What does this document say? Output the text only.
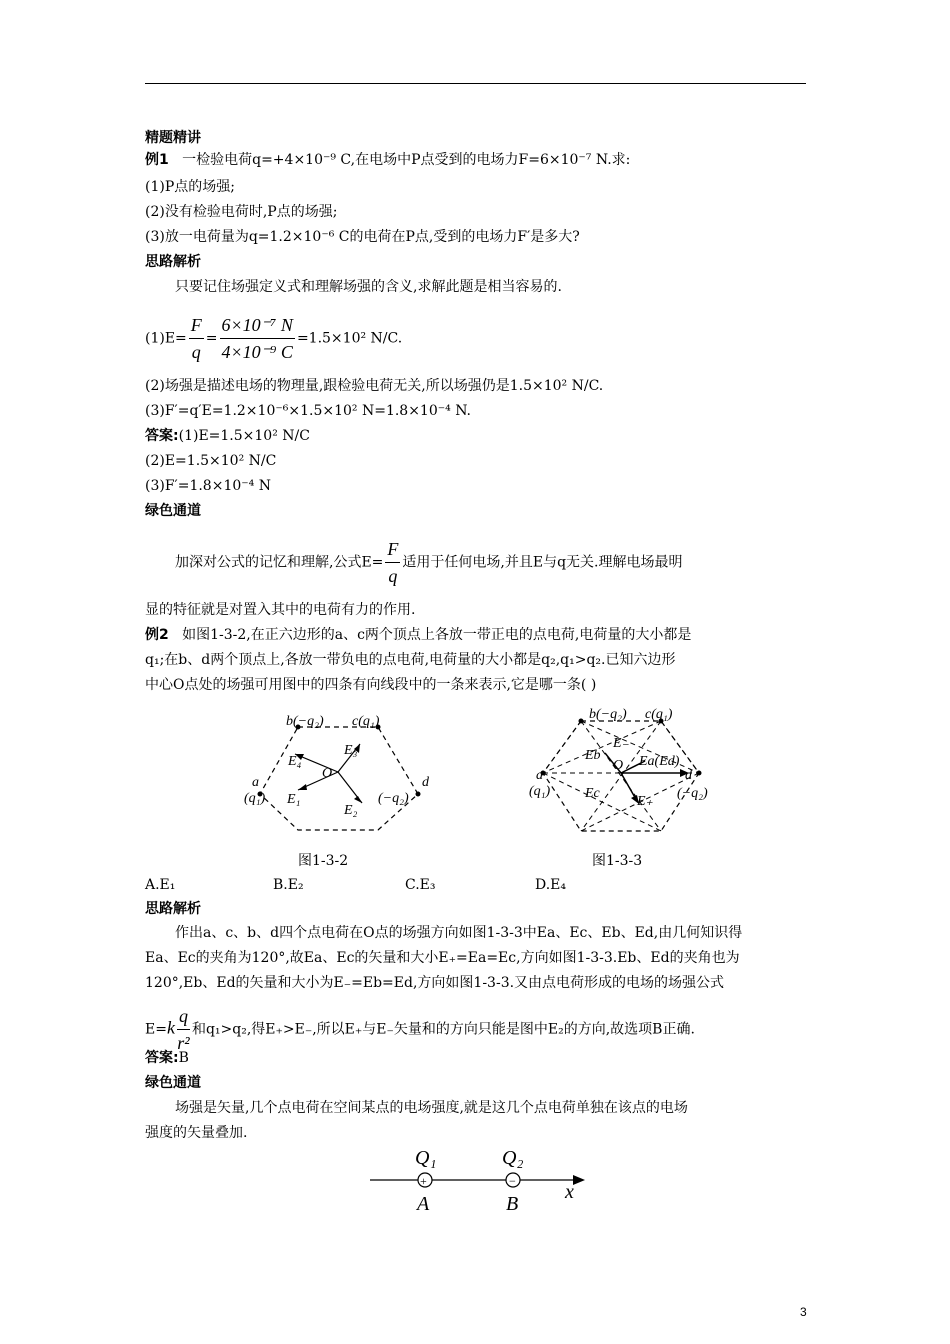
精题精讲
例1 一检验电荷q=+4×10⁻⁹ C,在电场中P点受到的电场力F=6×10⁻⁷ N.求:
(1)P点的场强;
(2)没有检验电荷时,P点的场强;
(3)放一电荷量为q=1.2×10⁻⁶ C的电荷在P点,受到的电场力F′是多大?
思路解析
只要记住场强定义式和理解场强的含义,求解此题是相当容易的.
$(1)E= \frac{F}{q} = \frac{\text{6×10⁻⁷ N}}{\text{4×10⁻⁹ C}} =1.5\times 10^2$ N/C.
(2)场强是描述电场的物理量,跟检验电荷无关,所以场强仍是1.5×10² N/C.
(3)F′=q′E=1.2×10⁻⁶×1.5×10² N=1.8×10⁻⁴ N.
答案:(1)E=1.5×10² N/C
(2)E=1.5×10² N/C
(3)F′=1.8×10⁻⁴ N
绿色通道
加深对公式的记忆和理解,公式$E= \frac{F}{q}$ 适用于任何电场,并且E与q无关.理解电场最明
显的特征就是对置入其中的电荷有力的作用.
例2 如图1-3-2,在正六边形的a、c两个顶点上各放一带正电的点电荷,电荷量的大小都是
q₁;在b、d两个顶点上,各放一带负电的点电荷,电荷量的大小都是q₂,q₁>q₂.已知六边形
中心O点处的场强可用图中的四条有向线段中的一条来表示,它是哪一条( )
b(−q₂) c(q₁)
a
(q₁)
d
(−q₂)
O
E₁
E₂
E₃
E₄
图1-3-2
b(−q₂) c(q₁)
a
(q₁)
d
(−q₂)
O
Eb
E₋
Ea(Ed)
Ec
E₊
图1-3-3
A.E₁	B.E₂	C.E₃	D.E₄
思路解析
作出a、c、b、d四个点电荷在O点的场强方向如图1-3-3中Ea、Ec、Eb、Ed,由几何知识得
Ea、Ec的夹角为120°,故Ea、Ec的矢量和大小E₊=Ea=Ec,方向如图1-3-3.Eb、Ed的夹角也为
120°,Eb、Ed的矢量和大小为E₋=Eb=Ed,方向如图1-3-3.又由点电荷形成的电场的场强公式
$E=k \frac{q}{\text{r²}}$ 和q₁>q₂,得E₊>E₋,所以E₊与E₋矢量和的方向只能是图中E₂的方向,故选项B正确.
答案:B
绿色通道
场强是矢量,几个点电荷在空间某点的电场强度,就是这几个点电荷单独在该点的电场
强度的矢量叠加.
+	−
Q₁	Q₂
A	B
x
3
